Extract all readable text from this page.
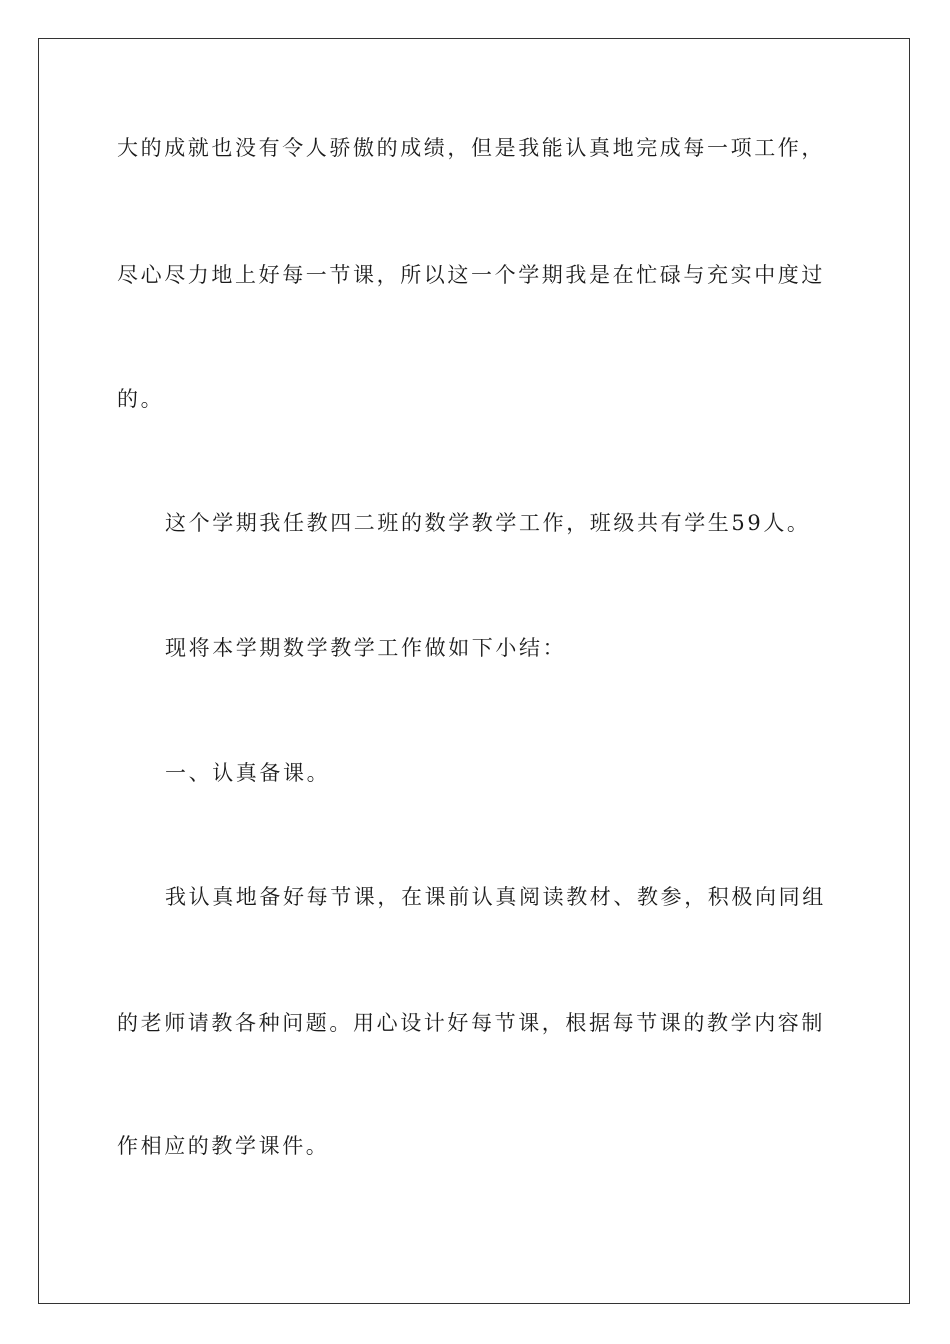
大的成就也没有令人骄傲的成绩，但是我能认真地完成每一项工作，

尽心尽力地上好每一节课，所以这一个学期我是在忙碌与充实中度过

的。

这个学期我任教四二班的数学教学工作，班级共有学生59人。

现将本学期数学教学工作做如下小结：

一、认真备课。

我认真地备好每节课，在课前认真阅读教材、教参，积极向同组

的老师请教各种问题。用心设计好每节课，根据每节课的教学内容制

作相应的教学课件。
